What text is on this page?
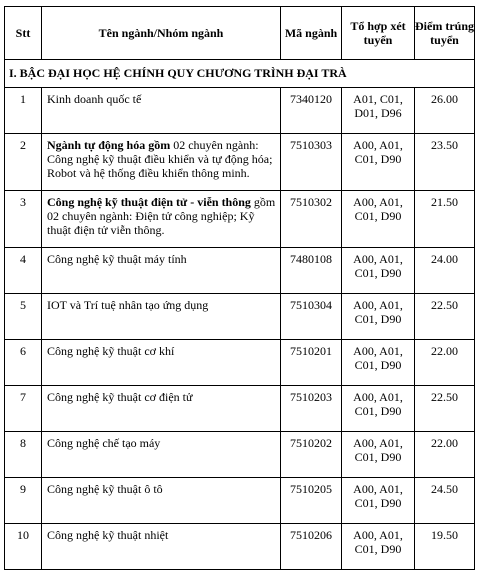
Stt	Tên ngành/Nhóm ngành	Mã ngành	Tổ hợp xét tuyển	Điểm trúng tuyển
I. BẬC ĐẠI HỌC HỆ CHÍNH QUY CHƯƠNG TRÌNH ĐẠI TRÀ				
1	Kinh doanh quốc tế	7340120	A01, C01, D01, D96	26.00
2	Ngành tự động hóa gồm 02 chuyên ngành: Công nghệ kỹ thuật điều khiển và tự động hóa; Robot và hệ thống điều khiển thông minh.	7510303	A00, A01, C01, D90	23.50
3	Công nghệ kỹ thuật điện tử - viễn thông gồm 02 chuyên ngành: Điện tử công nghiệp; Kỹ thuật điện tử viễn thông.	7510302	A00, A01, C01, D90	21.50
4	Công nghệ kỹ thuật máy tính	7480108	A00, A01, C01, D90	24.00
5	IOT và Trí tuệ nhân tạo ứng dụng	7510304	A00, A01, C01, D90	22.50
6	Công nghệ kỹ thuật cơ khí	7510201	A00, A01, C01, D90	22.00
7	Công nghệ kỹ thuật cơ điện tử	7510203	A00, A01, C01, D90	22.50
8	Công nghệ chế tạo máy	7510202	A00, A01, C01, D90	22.00
9	Công nghệ kỹ thuật ô tô	7510205	A00, A01, C01, D90	24.50
10	Công nghệ kỹ thuật nhiệt	7510206	A00, A01, C01, D90	19.50
